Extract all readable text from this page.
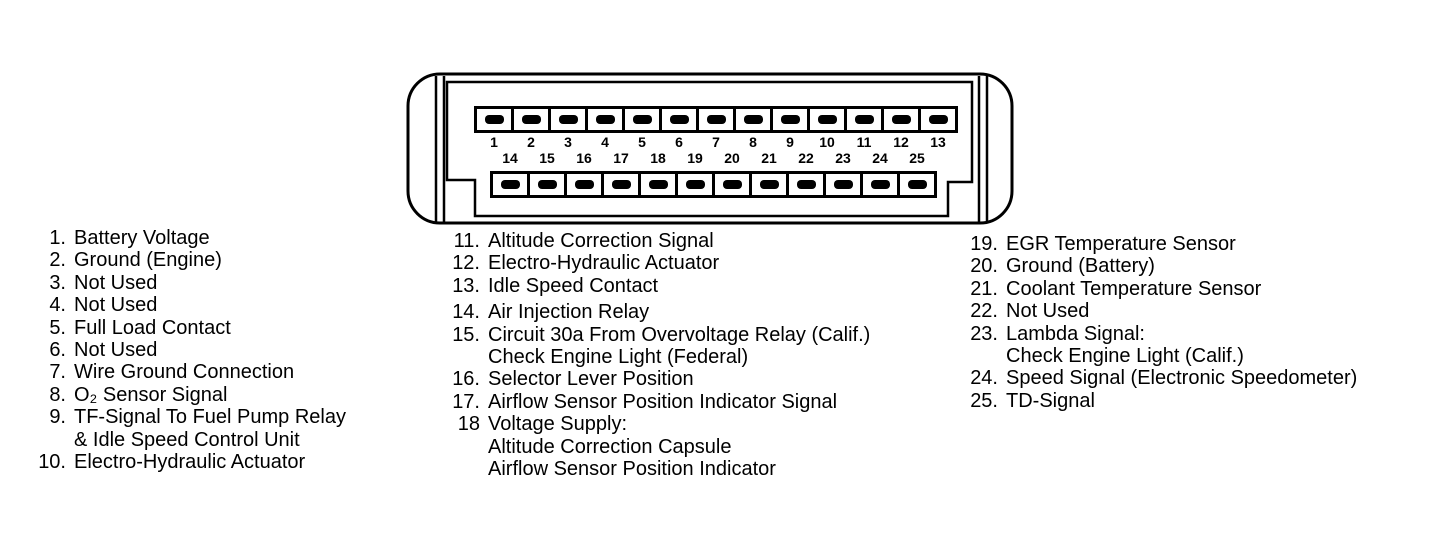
1 2 3 4 5 6 7 8 9 10 11 12 13
14 15 16 17 18 19 20 21 22 23 24 25
1. Battery Voltage
2. Ground (Engine)
3. Not Used
4. Not Used
5. Full Load Contact
6. Not Used
7. Wire Ground Connection
8. O₂ Sensor Signal
9. TF-Signal To Fuel Pump Relay
& Idle Speed Control Unit
10. Electro-Hydraulic Actuator
11. Altitude Correction Signal
12. Electro-Hydraulic Actuator
13. Idle Speed Contact
14. Air Injection Relay
15. Circuit 30a From Overvoltage Relay (Calif.)
Check Engine Light (Federal)
16. Selector Lever Position
17. Airflow Sensor Position Indicator Signal
18 Voltage Supply:
Altitude Correction Capsule
Airflow Sensor Position Indicator
19. EGR Temperature Sensor
20. Ground (Battery)
21. Coolant Temperature Sensor
22. Not Used
23. Lambda Signal:
Check Engine Light (Calif.)
24. Speed Signal (Electronic Speedometer)
25. TD-Signal
